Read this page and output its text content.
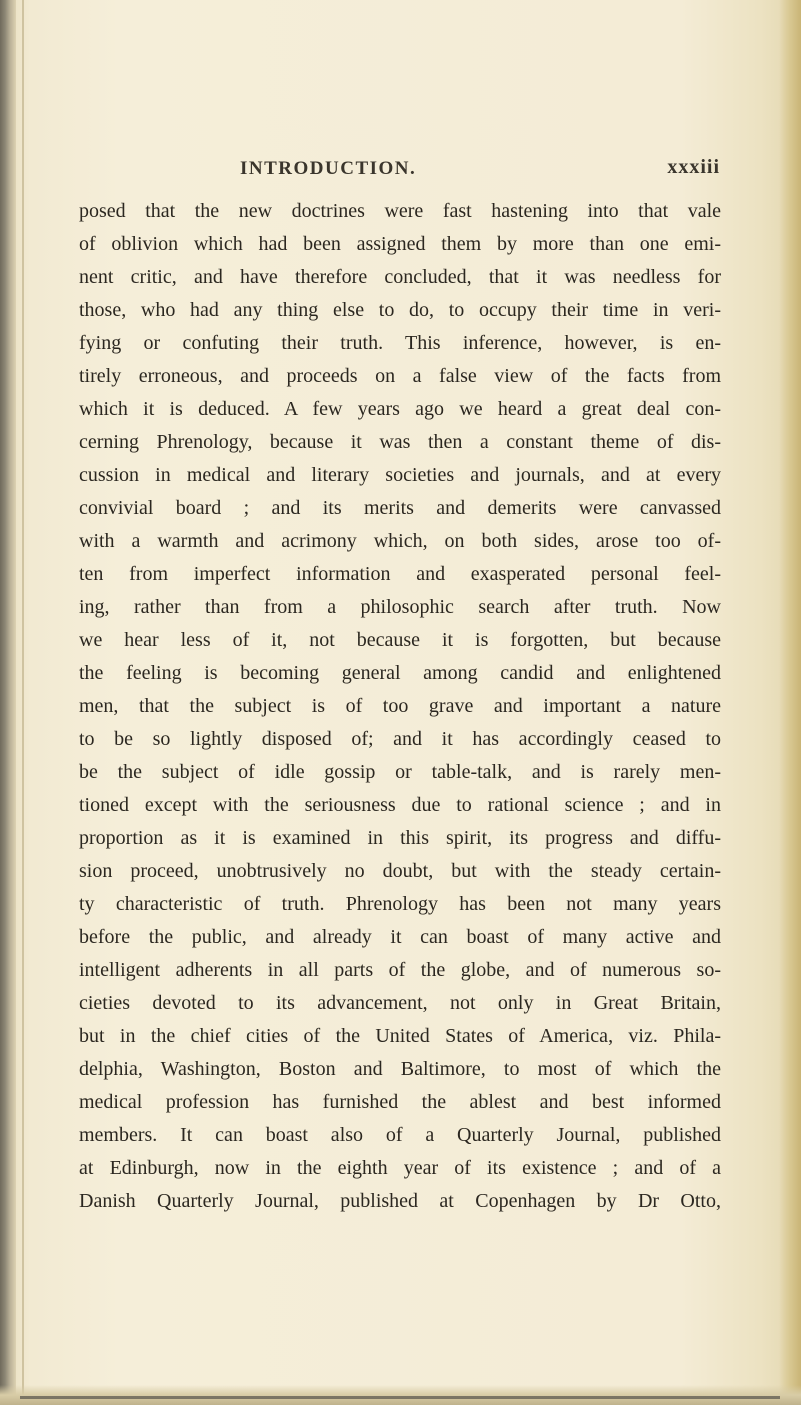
INTRODUCTION.	xxxiii
posed that the new doctrines were fast hastening into that vale
of oblivion which had been assigned them by more than one emi-
nent critic, and have therefore concluded, that it was needless for
those, who had any thing else to do, to occupy their time in veri-
fying or confuting their truth. This inference, however, is en-
tirely erroneous, and proceeds on a false view of the facts from
which it is deduced. A few years ago we heard a great deal con-
cerning Phrenology, because it was then a constant theme of dis-
cussion in medical and literary societies and journals, and at every
convivial board ; and its merits and demerits were canvassed
with a warmth and acrimony which, on both sides, arose too of-
ten from imperfect information and exasperated personal feel-
ing, rather than from a philosophic search after truth. Now
we hear less of it, not because it is forgotten, but because
the feeling is becoming general among candid and enlightened
men, that the subject is of too grave and important a nature
to be so lightly disposed of; and it has accordingly ceased to
be the subject of idle gossip or table-talk, and is rarely men-
tioned except with the seriousness due to rational science ; and in
proportion as it is examined in this spirit, its progress and diffu-
sion proceed, unobtrusively no doubt, but with the steady certain-
ty characteristic of truth. Phrenology has been not many years
before the public, and already it can boast of many active and
intelligent adherents in all parts of the globe, and of numerous so-
cieties devoted to its advancement, not only in Great Britain,
but in the chief cities of the United States of America, viz. Phila-
delphia, Washington, Boston and Baltimore, to most of which the
medical profession has furnished the ablest and best informed
members. It can boast also of a Quarterly Journal, published
at Edinburgh, now in the eighth year of its existence ; and of a
Danish Quarterly Journal, published at Copenhagen by Dr Otto,
